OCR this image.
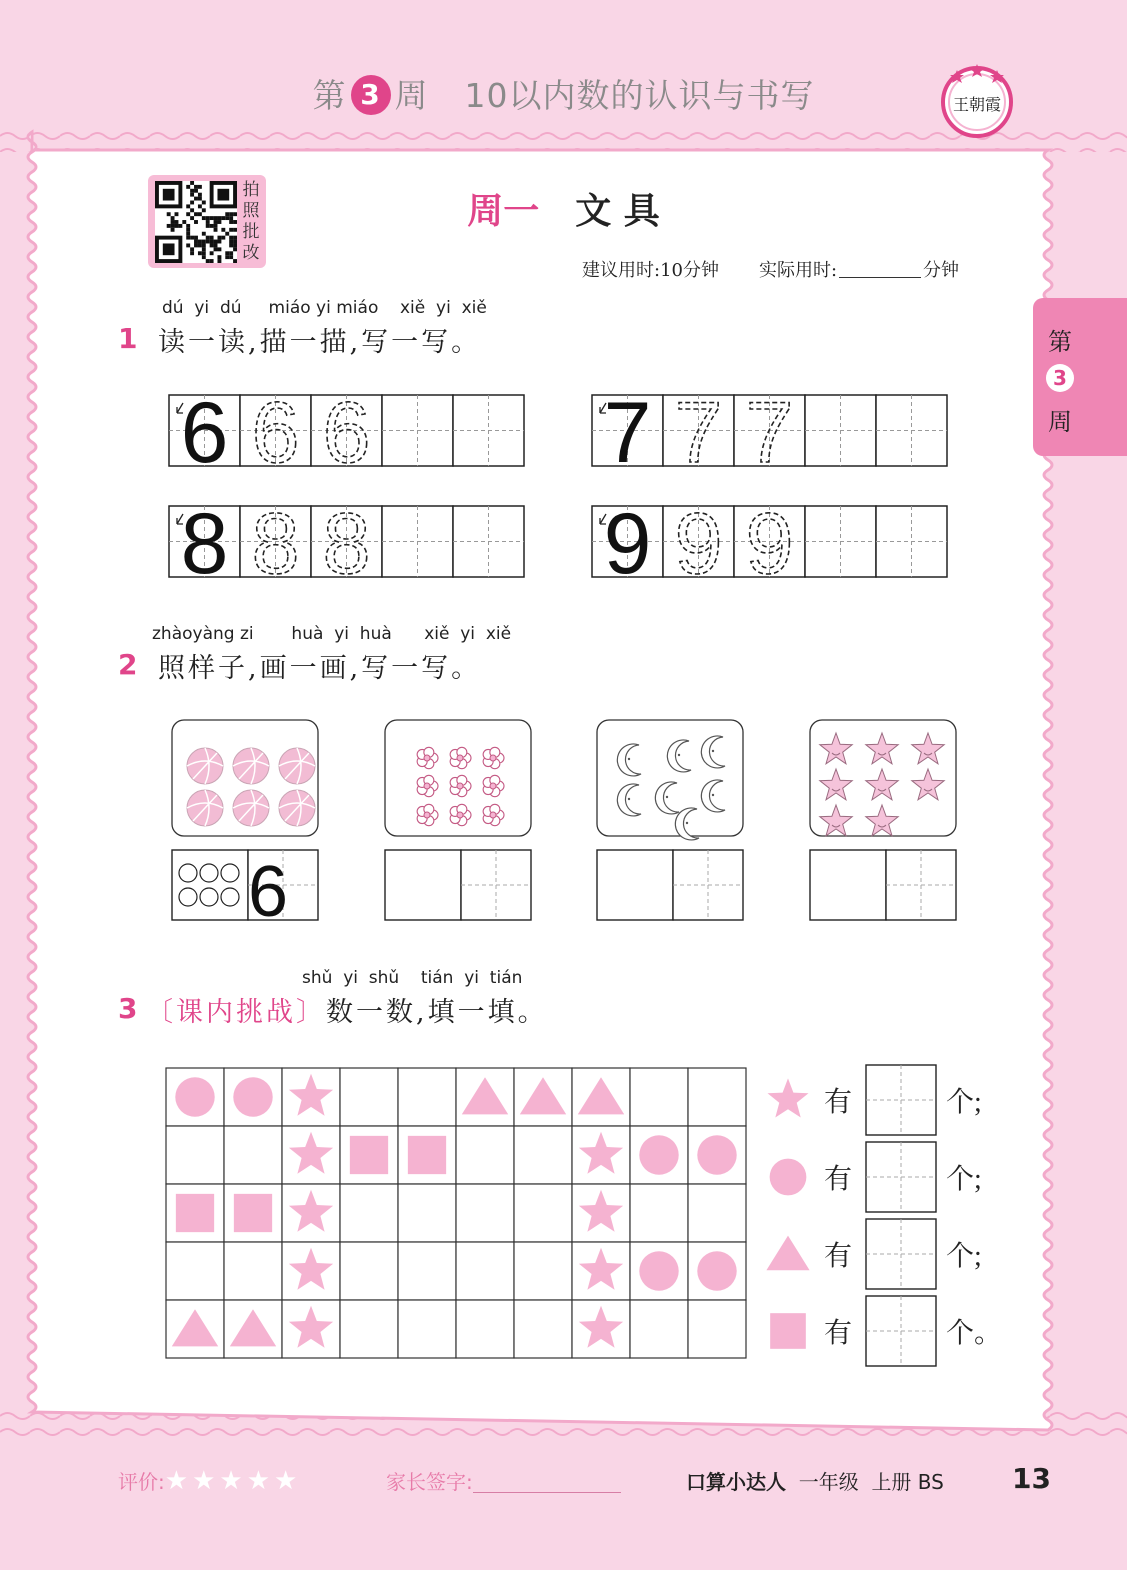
第 3 周 10以内数的认识与书写	王朝霞
拍
照
批
改
周一 文 具
建议用时:10分钟 实际用时:	分钟
第
3
周
dú  yi  dú     miáo yi miáo    xiě  yi  xiě
1 读一读,描一描,写一写。
6 6 6	7 7 7
8 8 8	9 9 9
zhàoyàng zi       huà  yi  huà      xiě  yi  xiě
2 照样子,画一画,写一写。
6
shǔ  yi  shǔ    tián  yi  tián
3 〔课内挑战〕数一数,填一填。
有	个;
有	个;
有	个;
有	个。
评价:★ ★ ★ ★ ★	家长签字:	口算小达人 一年级 上册 BS 13
